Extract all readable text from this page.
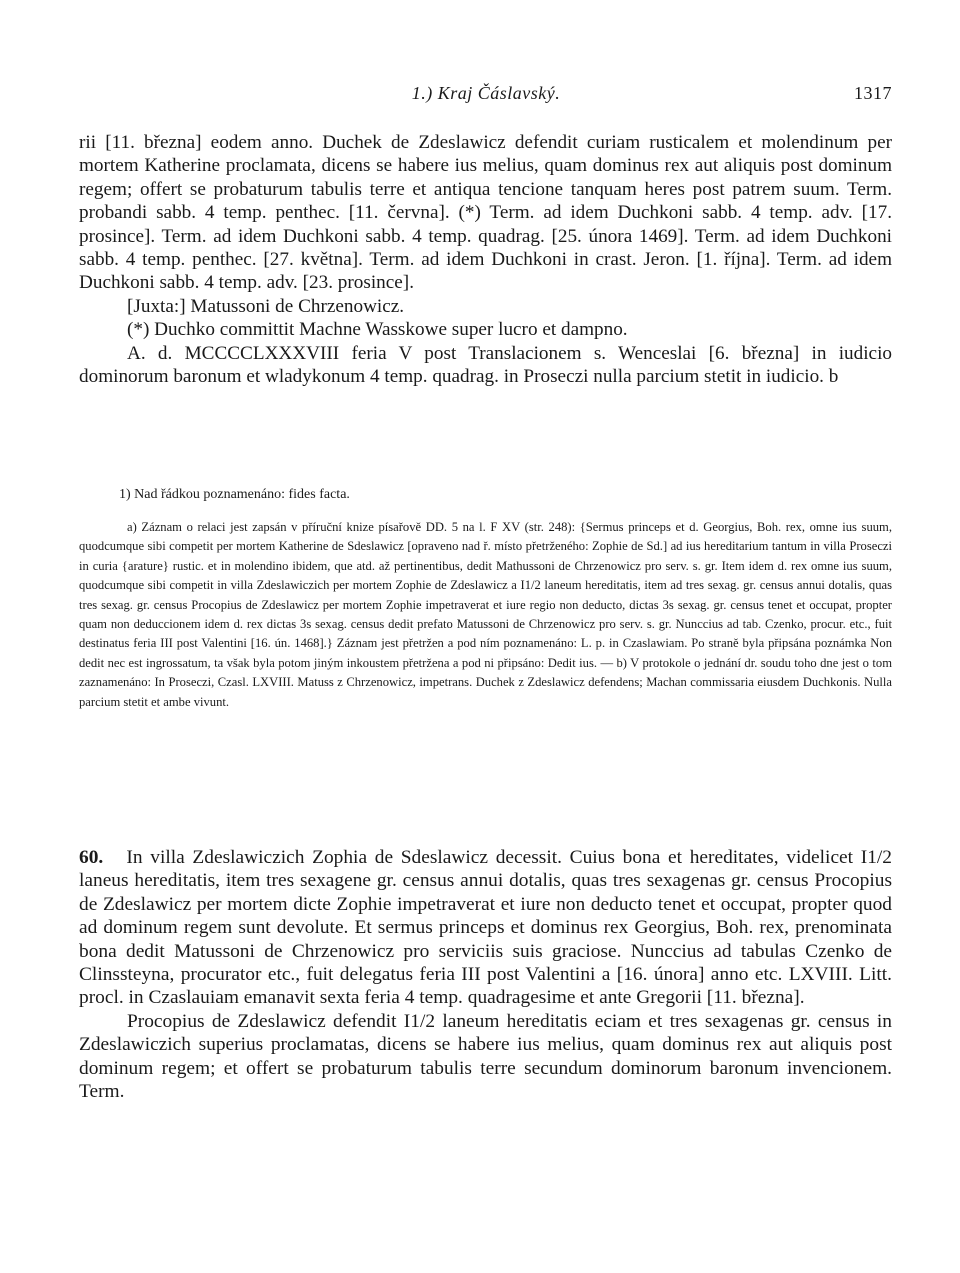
1.) Kraj Čáslavský.	1317

rii [11. března] eodem anno. Duchek de Zdeslawicz defendit curiam rusticalem et molendinum per mortem Katherine proclamata, dicens se habere ius melius, quam dominus rex aut aliquis post dominum regem; offert se probaturum tabulis terre et antiqua tencione tanquam heres post patrem suum. Term. probandi sabb. 4 temp. penthec. [11. června]. (*) Term. ad idem Duchkoni sabb. 4 temp. adv. [17. prosince]. Term. ad idem Duchkoni sabb. 4 temp. quadrag. [25. února 1469]. Term. ad idem Duchkoni sabb. 4 temp. penthec. [27. května]. Term. ad idem Duchkoni in crast. Jeron. [1. října]. Term. ad idem Duchkoni sabb. 4 temp. adv. [23. prosince].

[Juxta:] Matussoni de Chrzenowicz.

(*) Duchko committit Machne Wasskowe super lucro et dampno.

A. d. MCCCCLXXXVIII feria V post Translacionem s. Wenceslai [6. března] in iudicio dominorum baronum et wladykonum 4 temp. quadrag. in Proseczi nulla parcium stetit in iudicio. b

1) Nad řádkou poznamenáno: fides facta.

a) Záznam o relaci jest zapsán v příruční knize písařově DD. 5 na l. F XV (str. 248): {Sermus princeps et d. Georgius, Boh. rex, omne ius suum, quodcumque sibi competit per mortem Katherine de Sdeslawicz [opraveno nad ř. místo přetrženého: Zophie de Sd.] ad ius hereditarium tantum in villa Proseczi in curia {arature} rustic. et in molendino ibidem, que atd. až pertinentibus, dedit Mathussoni de Chrzenowicz pro serv. s. gr. Item idem d. rex omne ius suum, quodcumque sibi competit in villa Zdeslawiczich per mortem Zophie de Zdeslawicz a I1/2 laneum hereditatis, item ad tres sexag. gr. census annui dotalis, quas tres sexag. gr. census Procopius de Zdeslawicz per mortem Zophie impetraverat et iure regio non deducto, dictas 3s sexag. gr. census tenet et occupat, propter quam non deduccionem idem d. rex dictas 3s sexag. census dedit prefato Matussoni de Chrzenowicz pro serv. s. gr. Nunccius ad tab. Czenko, procur. etc., fuit destinatus feria III post Valentini [16. ún. 1468].} Záznam jest přetržen a pod ním poznamenáno: L. p. in Czaslawiam. Po straně byla připsána poznámka Non dedit nec est ingrossatum, ta však byla potom jiným inkoustem přetržena a pod ni připsáno: Dedit ius. — b) V protokole o jednání dr. soudu toho dne jest o tom zaznamenáno: In Proseczi, Czasl. LXVIII. Matuss z Chrzenowicz, impetrans. Duchek z Zdeslawicz defendens; Machan commissaria eiusdem Duchkonis. Nulla parcium stetit et ambe vivunt.

60. In villa Zdeslawiczich Zophia de Sdeslawicz decessit. Cuius bona et hereditates, videlicet I1/2 laneus hereditatis, item tres sexagene gr. census annui dotalis, quas tres sexagenas gr. census Procopius de Zdeslawicz per mortem dicte Zophie impetraverat et iure non deducto tenet et occupat, propter quod ad dominum regem sunt devolute. Et sermus princeps et dominus rex Georgius, Boh. rex, prenominata bona dedit Matussoni de Chrzenowicz pro serviciis suis graciose. Nunccius ad tabulas Czenko de Clinssteyna, procurator etc., fuit delegatus feria III post Valentini a [16. února] anno etc. LXVIII. Litt. procl. in Czaslauiam emanavit sexta feria 4 temp. quadragesime et ante Gregorii [11. března].

Procopius de Zdeslawicz defendit I1/2 laneum hereditatis eciam et tres sexagenas gr. census in Zdeslawiczich superius proclamatas, dicens se habere ius melius, quam dominus rex aut aliquis post dominum regem; et offert se probaturum tabulis terre secundum dominorum baronum invencionem. Term.
